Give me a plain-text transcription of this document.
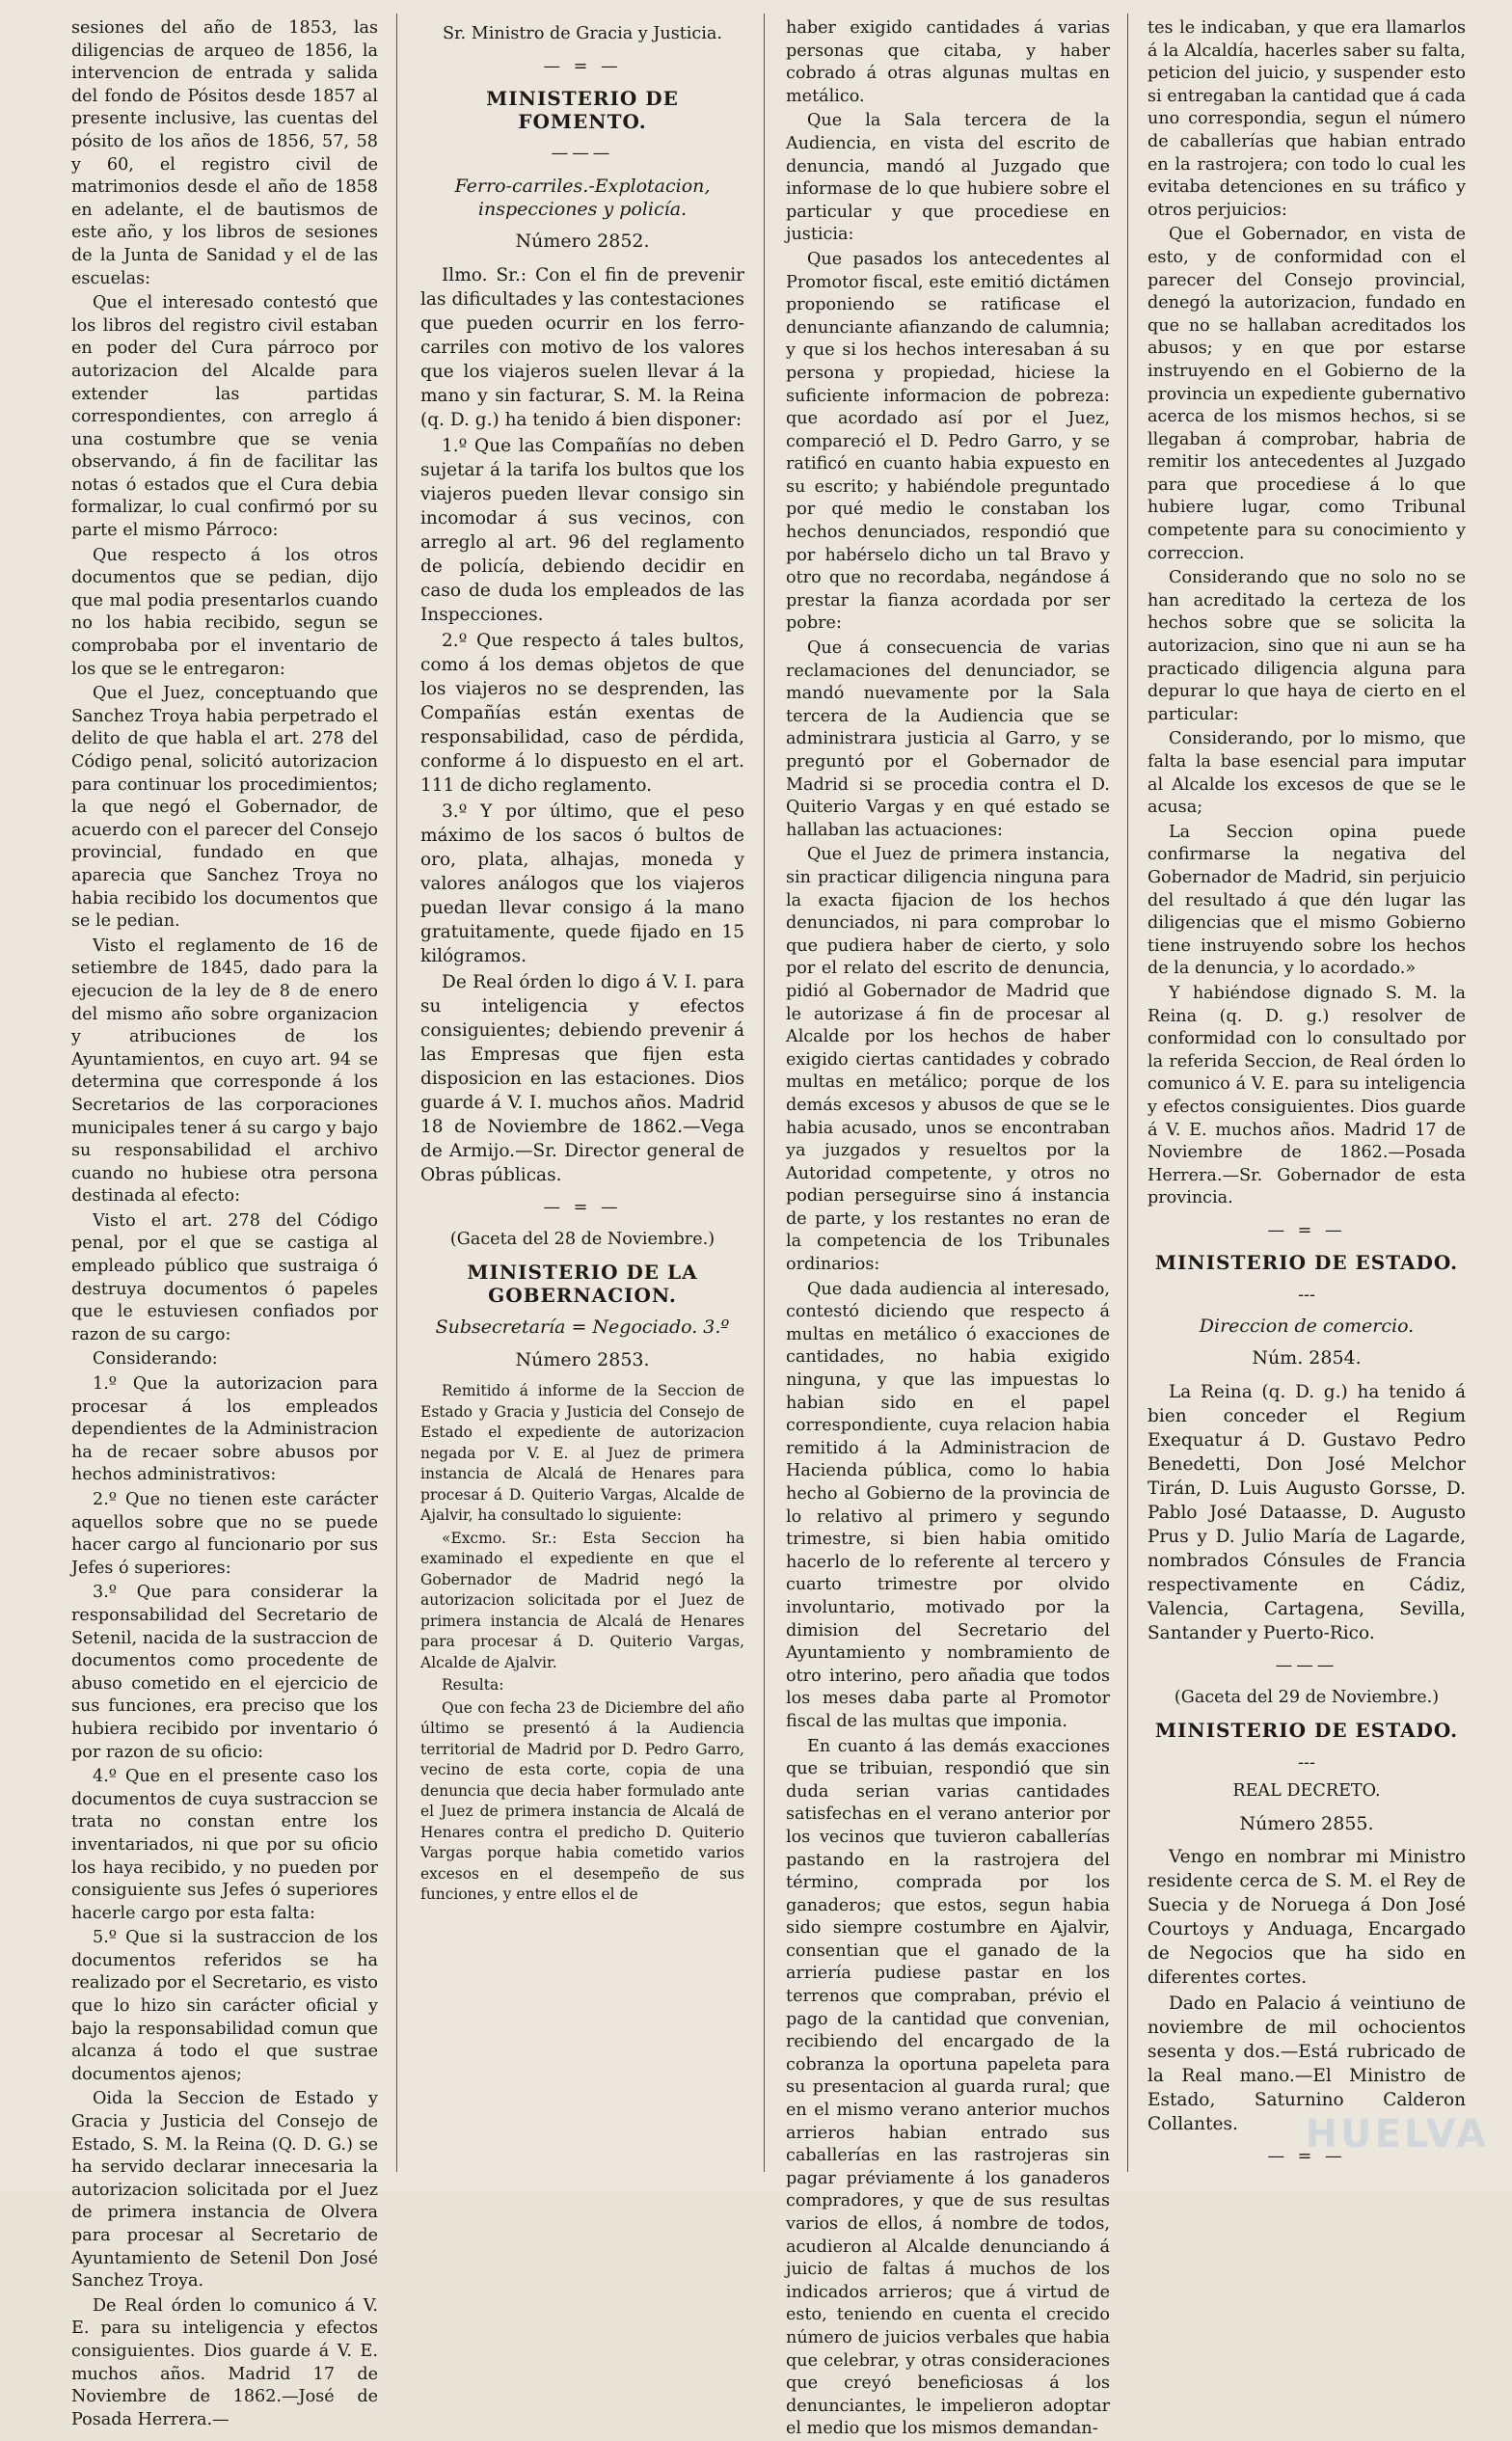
sesiones del año de 1853, las diligencias de arqueo de 1856, la intervencion de entrada y salida del fondo de Pósitos desde 1857 al presente inclusive, las cuentas del pósito de los años de 1856, 57, 58 y 60, el registro civil de matrimonios desde el año de 1858 en adelante, el de bautismos de este año, y los libros de sesiones de la Junta de Sanidad y el de las escuelas:

Que el interesado contestó que los libros del registro civil estaban en poder del Cura párroco por autorizacion del Alcalde para extender las partidas correspondientes, con arreglo á una costumbre que se venia observando, á fin de facilitar las notas ó estados que el Cura debia formalizar, lo cual confirmó por su parte el mismo Párroco:

Que respecto á los otros documentos que se pedian, dijo que mal podia presentarlos cuando no los habia recibido, segun se comprobaba por el inventario de los que se le entregaron:

Que el Juez, conceptuando que Sanchez Troya habia perpetrado el delito de que habla el art. 278 del Código penal, solicitó autorizacion para continuar los procedimientos; la que negó el Gobernador, de acuerdo con el parecer del Consejo provincial, fundado en que aparecia que Sanchez Troya no habia recibido los documentos que se le pedian.

Visto el reglamento de 16 de setiembre de 1845, dado para la ejecucion de la ley de 8 de enero del mismo año sobre organizacion y atribuciones de los Ayuntamientos, en cuyo art. 94 se determina que corresponde á los Secretarios de las corporaciones municipales tener á su cargo y bajo su responsabilidad el archivo cuando no hubiese otra persona destinada al efecto:

Visto el art. 278 del Código penal, por el que se castiga al empleado público que sustraiga ó destruya documentos ó papeles que le estuviesen confiados por razon de su cargo:

Considerando:

1.º Que la autorizacion para procesar á los empleados dependientes de la Administracion ha de recaer sobre abusos por hechos administrativos:

2.º Que no tienen este carácter aquellos sobre que no se puede hacer cargo al funcionario por sus Jefes ó superiores:

3.º Que para considerar la responsabilidad del Secretario de Setenil, nacida de la sustraccion de documentos como procedente de abuso cometido en el ejercicio de sus funciones, era preciso que los hubiera recibido por inventario ó por razon de su oficio:

4.º Que en el presente caso los documentos de cuya sustraccion se trata no constan entre los inventariados, ni que por su oficio los haya recibido, y no pueden por consiguiente sus Jefes ó superiores hacerle cargo por esta falta:

5.º Que si la sustraccion de los documentos referidos se ha realizado por el Secretario, es visto que lo hizo sin carácter oficial y bajo la responsabilidad comun que alcanza á todo el que sustrae documentos ajenos;

Oida la Seccion de Estado y Gracia y Justicia del Consejo de Estado, S. M. la Reina (Q. D. G.) se ha servido declarar innecesaria la autorizacion solicitada por el Juez de primera instancia de Olvera para procesar al Secretario de Ayuntamiento de Setenil Don José Sanchez Troya.

De Real órden lo comunico á V. E. para su inteligencia y efectos consiguientes. Dios guarde á V. E. muchos años. Madrid 17 de Noviembre de 1862.—José de Posada Herrera.—

Sr. Ministro de Gracia y Justicia.

— = —

MINISTERIO DE FOMENTO.

———

Ferro-carriles.-Explotacion, inspecciones y policía.

Número 2852.

Ilmo. Sr.: Con el fin de prevenir las dificultades y las contestaciones que pueden ocurrir en los ferro-carriles con motivo de los valores que los viajeros suelen llevar á la mano y sin facturar, S. M. la Reina (q. D. g.) ha tenido á bien disponer:

1.º Que las Compañías no deben sujetar á la tarifa los bultos que los viajeros pueden llevar consigo sin incomodar á sus vecinos, con arreglo al art. 96 del reglamento de policía, debiendo decidir en caso de duda los empleados de las Inspecciones.

2.º Que respecto á tales bultos, como á los demas objetos de que los viajeros no se desprenden, las Compañías están exentas de responsabilidad, caso de pérdida, conforme á lo dispuesto en el art. 111 de dicho reglamento.

3.º Y por último, que el peso máximo de los sacos ó bultos de oro, plata, alhajas, moneda y valores análogos que los viajeros puedan llevar consigo á la mano gratuitamente, quede fijado en 15 kilógramos.

De Real órden lo digo á V. I. para su inteligencia y efectos consiguientes; debiendo prevenir á las Empresas que fijen esta disposicion en las estaciones. Dios guarde á V. I. muchos años. Madrid 18 de Noviembre de 1862.—Vega de Armijo.—Sr. Director general de Obras públicas.

— = —

(Gaceta del 28 de Noviembre.)

MINISTERIO DE LA GOBERNACION.

Subsecretaría = Negociado. 3.º

Número 2853.

Remitido á informe de la Seccion de Estado y Gracia y Justicia del Consejo de Estado el expediente de autorizacion negada por V. E. al Juez de primera instancia de Alcalá de Henares para procesar á D. Quiterio Vargas, Alcalde de Ajalvir, ha consultado lo siguiente:

«Excmo. Sr.: Esta Seccion ha examinado el expediente en que el Gobernador de Madrid negó la autorizacion solicitada por el Juez de primera instancia de Alcalá de Henares para procesar á D. Quiterio Vargas, Alcalde de Ajalvir.

Resulta:

Que con fecha 23 de Diciembre del año último se presentó á la Audiencia territorial de Madrid por D. Pedro Garro, vecino de esta corte, copia de una denuncia que decia haber formulado ante el Juez de primera instancia de Alcalá de Henares contra el predicho D. Quiterio Vargas porque habia cometido varios excesos en el desempeño de sus funciones, y entre ellos el de

haber exigido cantidades á varias personas que citaba, y haber cobrado á otras algunas multas en metálico.

Que la Sala tercera de la Audiencia, en vista del escrito de denuncia, mandó al Juzgado que informase de lo que hubiere sobre el particular y que procediese en justicia:

Que pasados los antecedentes al Promotor fiscal, este emitió dictámen proponiendo se ratificase el denunciante afianzando de calumnia; y que si los hechos interesaban á su persona y propiedad, hiciese la suficiente informacion de pobreza: que acordado así por el Juez, compareció el D. Pedro Garro, y se ratificó en cuanto habia expuesto en su escrito; y habiéndole preguntado por qué medio le constaban los hechos denunciados, respondió que por habérselo dicho un tal Bravo y otro que no recordaba, negándose á prestar la fianza acordada por ser pobre:

Que á consecuencia de varias reclamaciones del denunciador, se mandó nuevamente por la Sala tercera de la Audiencia que se administrara justicia al Garro, y se preguntó por el Gobernador de Madrid si se procedia contra el D. Quiterio Vargas y en qué estado se hallaban las actuaciones:

Que el Juez de primera instancia, sin practicar diligencia ninguna para la exacta fijacion de los hechos denunciados, ni para comprobar lo que pudiera haber de cierto, y solo por el relato del escrito de denuncia, pidió al Gobernador de Madrid que le autorizase á fin de procesar al Alcalde por los hechos de haber exigido ciertas cantidades y cobrado multas en metálico; porque de los demás excesos y abusos de que se le habia acusado, unos se encontraban ya juzgados y resueltos por la Autoridad competente, y otros no podian perseguirse sino á instancia de parte, y los restantes no eran de la competencia de los Tribunales ordinarios:

Que dada audiencia al interesado, contestó diciendo que respecto á multas en metálico ó exacciones de cantidades, no habia exigido ninguna, y que las impuestas lo habian sido en el papel correspondiente, cuya relacion habia remitido á la Administracion de Hacienda pública, como lo habia hecho al Gobierno de la provincia de lo relativo al primero y segundo trimestre, si bien habia omitido hacerlo de lo referente al tercero y cuarto trimestre por olvido involuntario, motivado por la dimision del Secretario del Ayuntamiento y nombramiento de otro interino, pero añadia que todos los meses daba parte al Promotor fiscal de las multas que imponia.

En cuanto á las demás exacciones que se tribuian, respondió que sin duda serian varias cantidades satisfechas en el verano anterior por los vecinos que tuvieron caballerías pastando en la rastrojera del término, comprada por los ganaderos; que estos, segun habia sido siempre costumbre en Ajalvir, consentian que el ganado de la arriería pudiese pastar en los terrenos que compraban, prévio el pago de la cantidad que convenian, recibiendo del encargado de la cobranza la oportuna papeleta para su presentacion al guarda rural; que en el mismo verano anterior muchos arrieros habian entrado sus caballerías en las rastrojeras sin pagar préviamente á los ganaderos compradores, y que de sus resultas varios de ellos, á nombre de todos, acudieron al Alcalde denunciando á juicio de faltas á muchos de los indicados arrieros; que á virtud de esto, teniendo en cuenta el crecido número de juicios verbales que habia que celebrar, y otras consideraciones que creyó beneficiosas á los denunciantes, le impelieron adoptar el medio que los mismos demandan-

tes le indicaban, y que era llamarlos á la Alcaldía, hacerles saber su falta, peticion del juicio, y suspender esto si entregaban la cantidad que á cada uno correspondia, segun el número de caballerías que habian entrado en la rastrojera; con todo lo cual les evitaba detenciones en su tráfico y otros perjuicios:

Que el Gobernador, en vista de esto, y de conformidad con el parecer del Consejo provincial, denegó la autorizacion, fundado en que no se hallaban acreditados los abusos; y en que por estarse instruyendo en el Gobierno de la provincia un expediente gubernativo acerca de los mismos hechos, si se llegaban á comprobar, habria de remitir los antecedentes al Juzgado para que procediese á lo que hubiere lugar, como Tribunal competente para su conocimiento y correccion.

Considerando que no solo no se han acreditado la certeza de los hechos sobre que se solicita la autorizacion, sino que ni aun se ha practicado diligencia alguna para depurar lo que haya de cierto en el particular:

Considerando, por lo mismo, que falta la base esencial para imputar al Alcalde los excesos de que se le acusa;

La Seccion opina puede confirmarse la negativa del Gobernador de Madrid, sin perjuicio del resultado á que dén lugar las diligencias que el mismo Gobierno tiene instruyendo sobre los hechos de la denuncia, y lo acordado.»

Y habiéndose dignado S. M. la Reina (q. D. g.) resolver de conformidad con lo consultado por la referida Seccion, de Real órden lo comunico á V. E. para su inteligencia y efectos consiguientes. Dios guarde á V. E. muchos años. Madrid 17 de Noviembre de 1862.—Posada Herrera.—Sr. Gobernador de esta provincia.

— = —

MINISTERIO DE ESTADO.

---

Direccion de comercio.

Núm. 2854.

La Reina (q. D. g.) ha tenido á bien conceder el Regium Exequatur á D. Gustavo Pedro Benedetti, Don José Melchor Tirán, D. Luis Augusto Gorsse, D. Pablo José Dataasse, D. Augusto Prus y D. Julio María de Lagarde, nombrados Cónsules de Francia respectivamente en Cádiz, Valencia, Cartagena, Sevilla, Santander y Puerto-Rico.

———

(Gaceta del 29 de Noviembre.)

MINISTERIO DE ESTADO.

---

REAL DECRETO.

Número 2855.

Vengo en nombrar mi Ministro residente cerca de S. M. el Rey de Suecia y de Noruega á Don José Courtoys y Anduaga, Encargado de Negocios que ha sido en diferentes cortes.

Dado en Palacio á veintiuno de noviembre de mil ochocientos sesenta y dos.—Está rubricado de la Real mano.—El Ministro de Estado, Saturnino Calderon Collantes.

— = —

HUELVA
